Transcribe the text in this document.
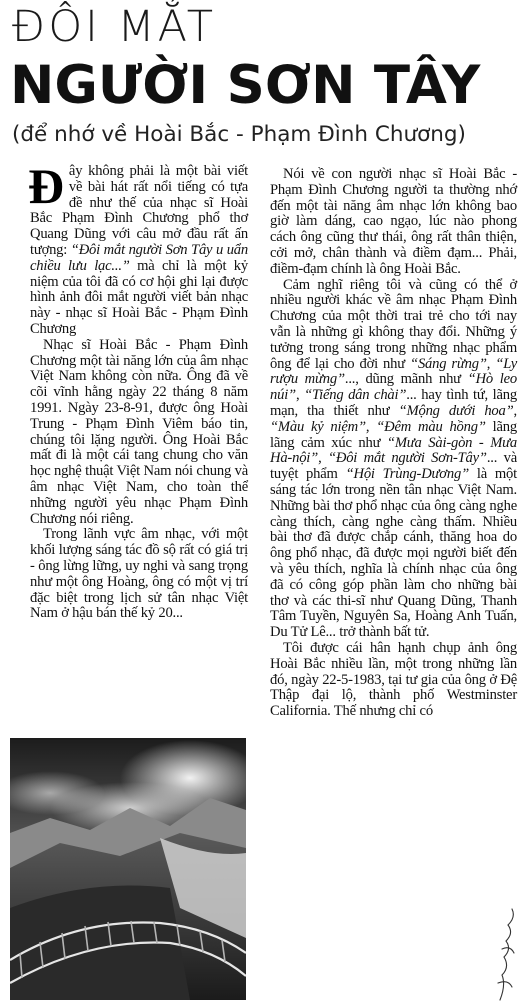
ĐÔI MẮT
NGƯỜI SƠN TÂY
(để nhớ về Hoài Bắc - Phạm Đình Chương)

Đây không phải là một bài viết về bài hát rất nổi tiếng có tựa đề như thế của nhạc sĩ Hoài Bắc Phạm Đình Chương phổ thơ Quang Dũng với câu mở đầu rất ấn tượng: “Đôi mắt người Sơn Tây u uẩn chiều lưu lạc...” mà chỉ là một kỷ niệm của tôi đã có cơ hội ghi lại được hình ảnh đôi mắt người viết bản nhạc này - nhạc sĩ Hoài Bắc - Phạm Đình Chương

Nhạc sĩ Hoài Bắc - Phạm Đình Chương một tài năng lớn của âm nhạc Việt Nam không còn nữa. Ông đã về cõi vĩnh hằng ngày 22 tháng 8 năm 1991. Ngày 23-8-91, được ông Hoài Trung - Phạm Đình Viêm báo tin, chúng tôi lặng người. Ông Hoài Bắc mất đi là một cái tang chung cho văn học nghệ thuật Việt Nam nói chung và âm nhạc Việt Nam, cho toàn thể những người yêu nhạc Phạm Đình Chương nói riêng.

Trong lãnh vực âm nhạc, với một khối lượng sáng tác đồ sộ rất có giá trị - ông lừng lững, uy nghi và sang trọng như một ông Hoàng, ông có một vị trí đặc biệt trong lịch sử tân nhạc Việt Nam ở hậu bán thế kỷ 20...

Nói về con người nhạc sĩ Hoài Bắc - Phạm Đình Chương người ta thường nhớ đến một tài năng âm nhạc lớn không bao giờ làm dáng, cao ngạo, lúc nào phong cách ông cũng thư thái, ông rất thân thiện, cởi mở, chân thành và điềm đạm... Phải, điềm-đạm chính là ông Hoài Bắc.

Cảm nghĩ riêng tôi và cũng có thể ở nhiều người khác về âm nhạc Phạm Đình Chương của một thời trai trẻ cho tới nay vẫn là những gì không thay đổi. Những ý tưởng trong sáng trong những nhạc phẩm ông để lại cho đời như “Sáng rừng”, “Ly rượu mừng”..., dũng mãnh như “Hò leo núi”, “Tiếng dân chài”... hay tình tứ, lãng mạn, tha thiết như “Mộng dưới hoa”, “Màu kỷ niệm”, “Đêm màu hồng” lãng lãng cảm xúc như “Mưa Sài-gòn - Mưa Hà-nội”, “Đôi mắt người Sơn-Tây”... và tuyệt phẩm “Hội Trùng-Dương” là một sáng tác lớn trong nền tân nhạc Việt Nam. Những bài thơ phổ nhạc của ông càng nghe càng thích, càng nghe càng thấm. Nhiều bài thơ đã được chắp cánh, thăng hoa do ông phổ nhạc, đã được mọi người biết đến và yêu thích, nghĩa là chính nhạc của ông đã có công góp phần làm cho những bài thơ và các thi-sĩ như Quang Dũng, Thanh Tâm Tuyền, Nguyên Sa, Hoàng Anh Tuấn, Du Tử Lê... trở thành bất tử.

Tôi được cái hân hạnh chụp ảnh ông Hoài Bắc nhiều lần, một trong những lần đó, ngày 22-5-1983, tại tư gia của ông ở Đệ Thập đại lộ, thành phố Westminster California. Thế nhưng chỉ có
